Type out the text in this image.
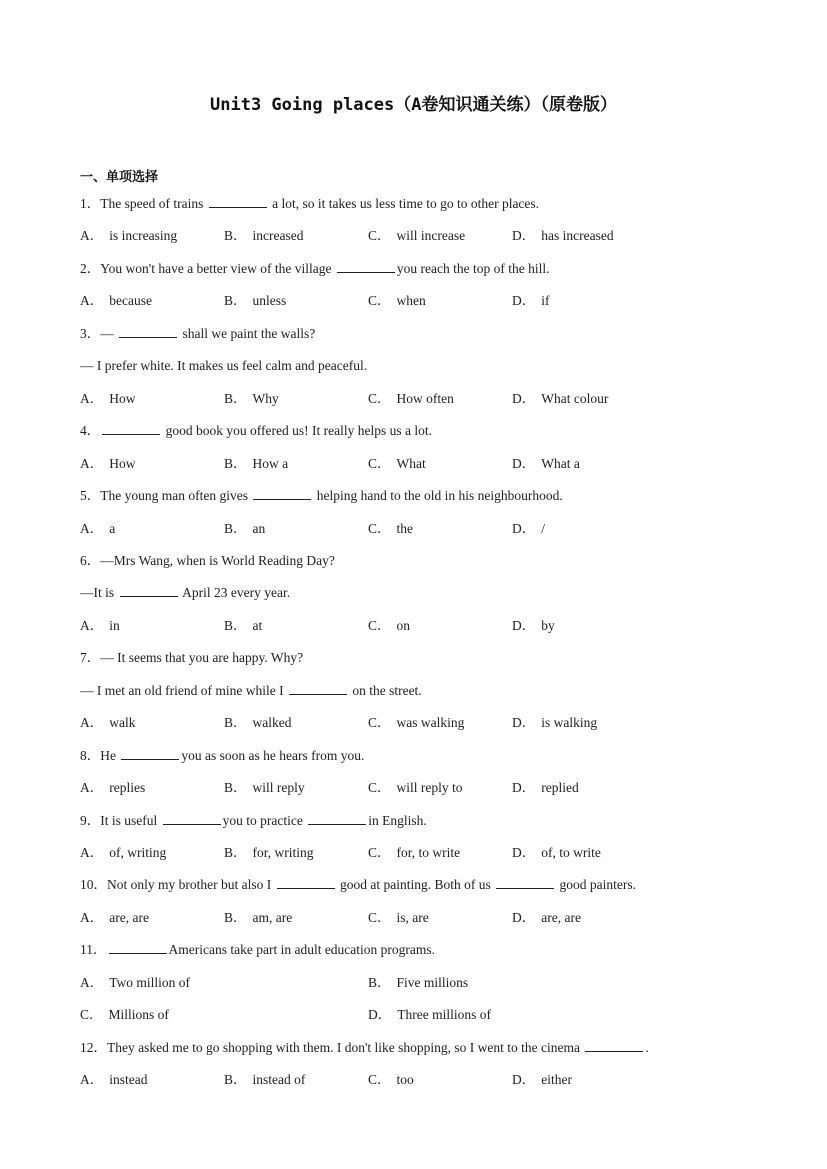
Unit3 Going places（A卷知识通关练）（原卷版）
一、单项选择
1．The speed of trains	a lot, so it takes us less time to go to other places.
A． is increasing	B． increased	C． will increase	D． has increased
2．You won't have a better view of the village	you reach the top of the hill.
A． because	B． unless	C． when	D． if
3．—	shall we paint the walls?
— I prefer white. It makes us feel calm and peaceful.
A． How	B． Why	C． How often	D． What colour
4．	good book you offered us! It really helps us a lot.
A． How	B． How a	C． What	D． What a
5．The young man often gives	helping hand to the old in his neighbourhood.
A． a	B． an	C． the	D． /
6．—Mrs Wang, when is World Reading Day?
—It is	April 23 every year.
A． in	B． at	C． on	D． by
7．— It seems that you are happy. Why?
— I met an old friend of mine while I	on the street.
A． walk	B． walked	C． was walking	D． is walking
8．He	you as soon as he hears from you.
A． replies	B． will reply	C． will reply to	D． replied
9．It is useful	you to practice	in English.
A． of, writing	B． for, writing	C． for, to write	D． of, to write
10．Not only my brother but also I	good at painting. Both of us	good painters.
A． are, are	B． am, are	C． is, are	D． are, are
11．	Americans take part in adult education programs.
A． Two million of	B． Five millions
C． Millions of	D． Three millions of
12．They asked me to go shopping with them. I don't like shopping, so I went to the cinema	.
A． instead	B． instead of	C． too	D． either
